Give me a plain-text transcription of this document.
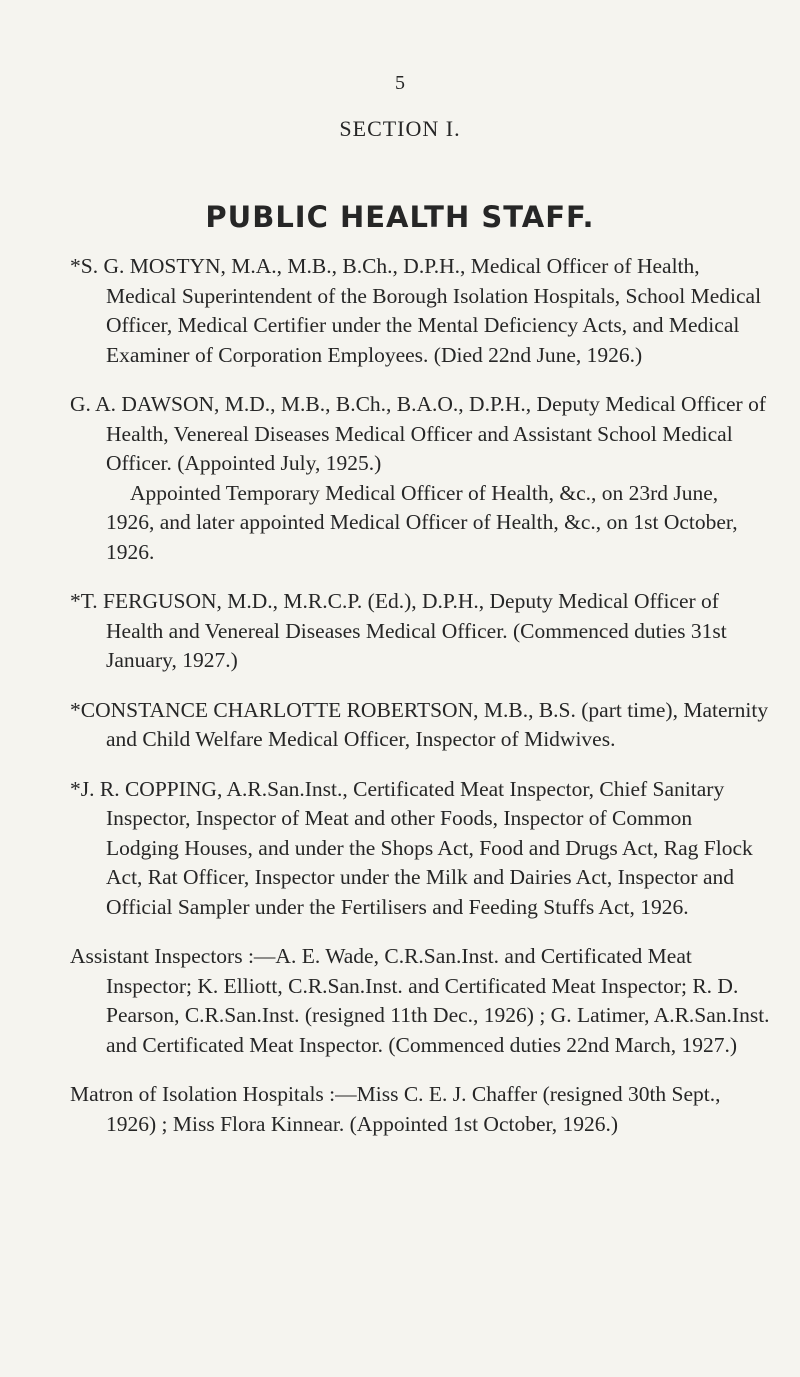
5
SECTION I.
PUBLIC HEALTH STAFF.

*S. G. MOSTYN, M.A., M.B., B.Ch., D.P.H., Medical Officer of Health, Medical Superintendent of the Borough Isolation Hospitals, School Medical Officer, Medical Certifier under the Mental Deficiency Acts, and Medical Examiner of Corporation Employees. (Died 22nd June, 1926.)

G. A. DAWSON, M.D., M.B., B.Ch., B.A.O., D.P.H., Deputy Medical Officer of Health, Venereal Diseases Medical Officer and Assistant School Medical Officer. (Appointed July, 1925.)

Appointed Temporary Medical Officer of Health, &c., on 23rd June, 1926, and later appointed Medical Officer of Health, &c., on 1st October, 1926.

*T. FERGUSON, M.D., M.R.C.P. (Ed.), D.P.H., Deputy Medical Officer of Health and Venereal Diseases Medical Officer. (Commenced duties 31st January, 1927.)

*CONSTANCE CHARLOTTE ROBERTSON, M.B., B.S. (part time), Maternity and Child Welfare Medical Officer, Inspector of Midwives.

*J. R. COPPING, A.R.San.Inst., Certificated Meat Inspector, Chief Sanitary Inspector, Inspector of Meat and other Foods, Inspector of Common Lodging Houses, and under the Shops Act, Food and Drugs Act, Rag Flock Act, Rat Officer, Inspector under the Milk and Dairies Act, Inspector and Official Sampler under the Fertilisers and Feeding Stuffs Act, 1926.

Assistant Inspectors :—A. E. Wade, C.R.San.Inst. and Certificated Meat Inspector; K. Elliott, C.R.San.Inst. and Certificated Meat Inspector; R. D. Pearson, C.R.San.Inst. (resigned 11th Dec., 1926) ; G. Latimer, A.R.San.Inst. and Certificated Meat Inspector. (Commenced duties 22nd March, 1927.)

Matron of Isolation Hospitals :—Miss C. E. J. Chaffer (resigned 30th Sept., 1926) ; Miss Flora Kinnear. (Appointed 1st October, 1926.)
